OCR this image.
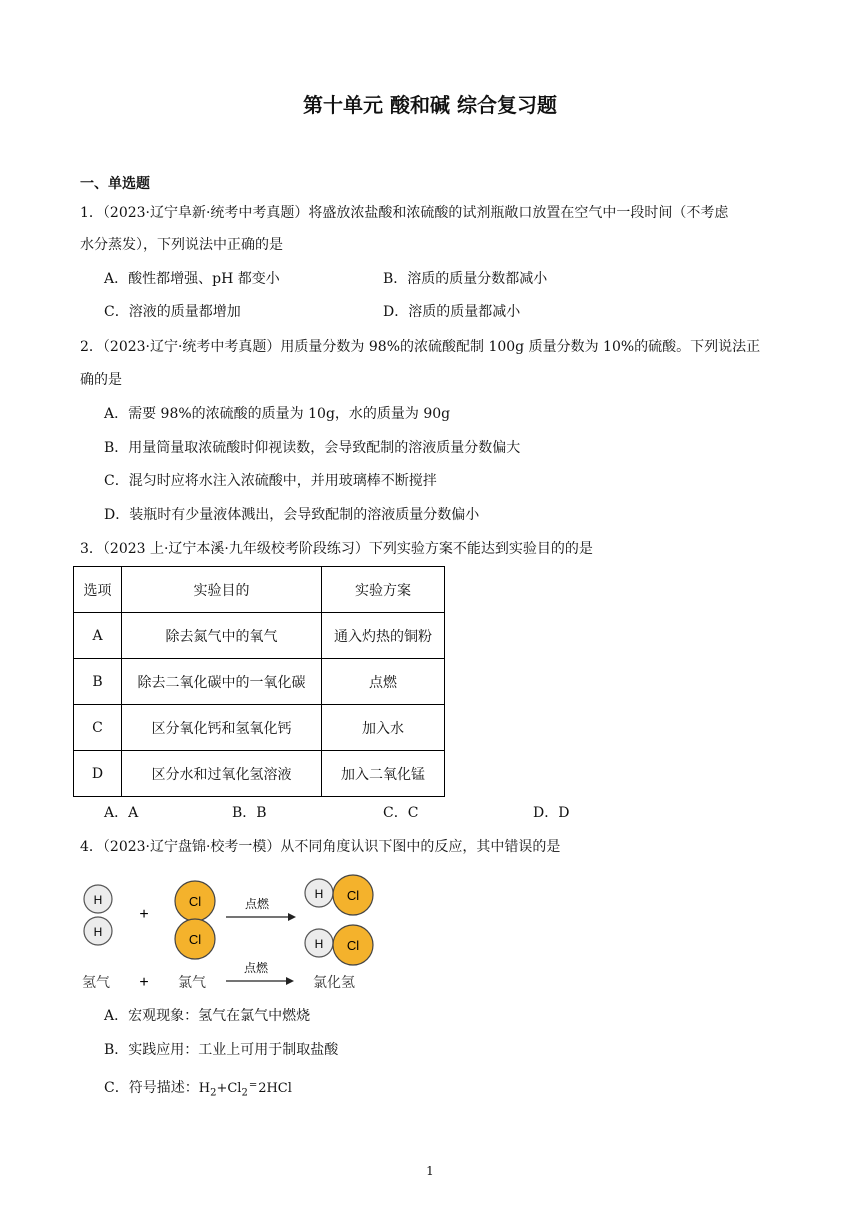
第十单元 酸和碱 综合复习题
一、单选题
1．（2023·辽宁阜新·统考中考真题）将盛放浓盐酸和浓硫酸的试剂瓶敞口放置在空气中一段时间（不考虑
水分蒸发），下列说法中正确的是
A．酸性都增强、pH 都变小	B．溶质的质量分数都减小
C．溶液的质量都增加	D．溶质的质量都减小
2．（2023·辽宁·统考中考真题）用质量分数为 98%的浓硫酸配制 100g 质量分数为 10%的硫酸。下列说法正
确的是
A．需要 98%的浓硫酸的质量为 10g，水的质量为 90g
B．用量筒量取浓硫酸时仰视读数，会导致配制的溶液质量分数偏大
C．混匀时应将水注入浓硫酸中，并用玻璃棒不断搅拌
D．装瓶时有少量液体溅出，会导致配制的溶液质量分数偏小
3．（2023 上·辽宁本溪·九年级校考阶段练习）下列实验方案不能达到实验目的的是
选项	实验目的	实验方案
A	除去氮气中的氧气	通入灼热的铜粉
B	除去二氧化碳中的一氧化碳	点燃
C	区分氧化钙和氢氧化钙	加入水
D	区分水和过氧化氢溶液	加入二氧化锰
A．A	B．B	C．C	D．D
4．（2023·辽宁盘锦·校考一模）从不同角度认识下图中的反应，其中错误的是
H
H
+
Cl
Cl
点燃
H Cl
H Cl
氢气 + 氯气
点燃
氯化氢
A．宏观现象：氢气在氯气中燃烧
B．实践应用：工业上可用于制取盐酸
C．符号描述：$H_2+Cl_2^=2HCl$
1
